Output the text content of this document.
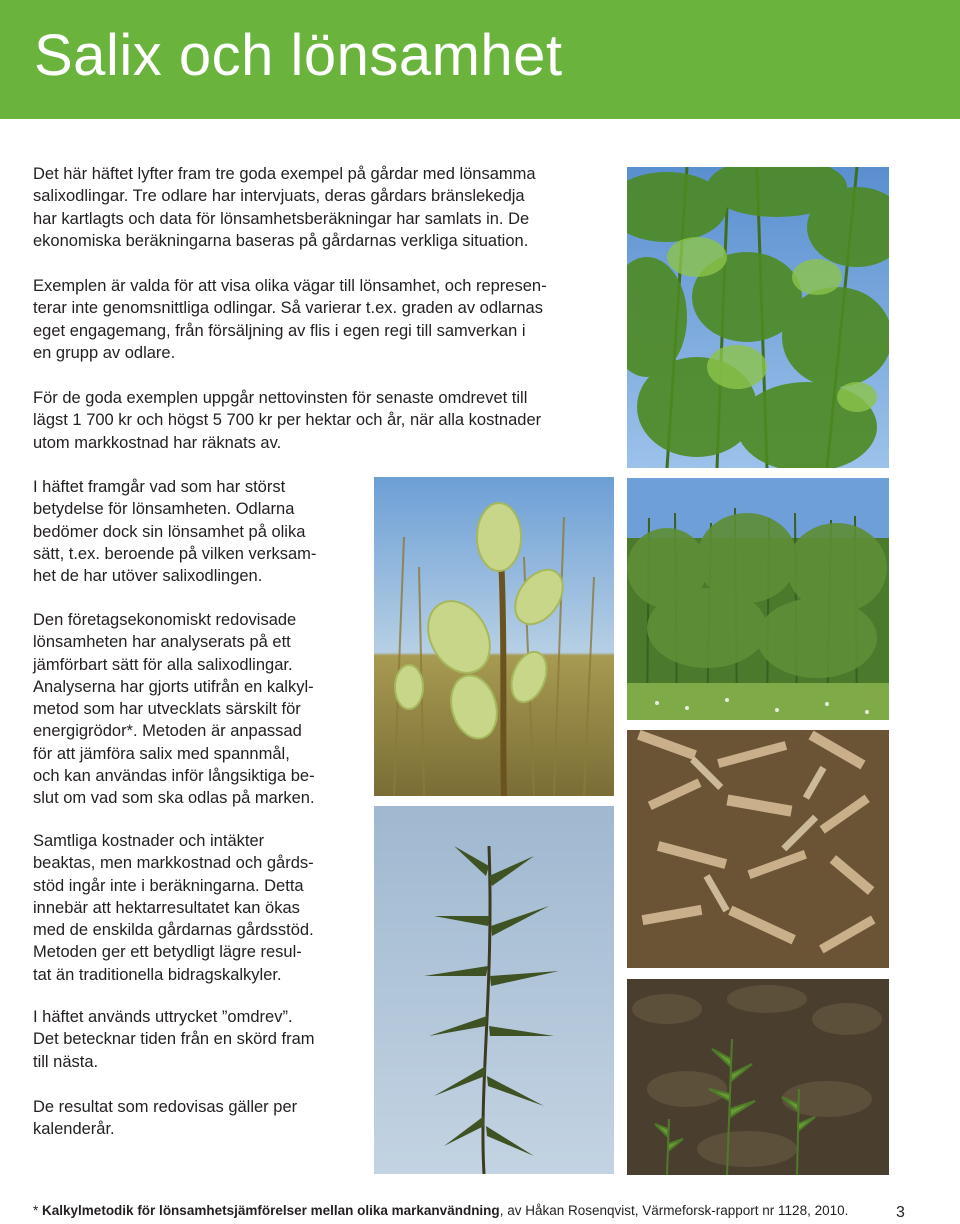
Salix och lönsamhet

Det här häftet lyfter fram tre goda exempel på gårdar med lönsamma
salixodlingar. Tre odlare har intervjuats, deras gårdars bränslekedja
har kartlagts och data för lönsamhetsberäkningar har samlats in. De
ekonomiska beräkningarna baseras på gårdarnas verkliga situation.

Exemplen är valda för att visa olika vägar till lönsamhet, och represen-
terar inte genomsnittliga odlingar. Så varierar t.ex. graden av odlarnas
eget engagemang, från försäljning av flis i egen regi till samverkan i
en grupp av odlare.

För de goda exemplen uppgår nettovinsten för senaste omdrevet till
lägst 1 700 kr och högst 5 700 kr per hektar och år, när alla kostnader
utom markkostnad har räknats av.

I häftet framgår vad som har störst
betydelse för lönsamheten. Odlarna
bedömer dock sin lönsamhet på olika
sätt, t.ex. beroende på vilken verksam-
het de har utöver salixodlingen.

Den företagsekonomiskt redovisade
lönsamheten har analyserats på ett
jämförbart sätt för alla salixodlingar.
Analyserna har gjorts utifrån en kalkyl-
metod som har utvecklats särskilt för
energigrödor*. Metoden är anpassad
för att jämföra salix med spannmål,
och kan användas inför långsiktiga be-
slut om vad som ska odlas på marken.

Samtliga kostnader och intäkter
beaktas, men markkostnad och gårds-
stöd ingår inte i beräkningarna. Detta
innebär att hektarresultatet kan ökas
med de enskilda gårdarnas gårdsstöd.
Metoden ger ett betydligt lägre resul-
tat än traditionella bidragskalkyler.

I häftet används uttrycket ”omdrev”.
Det betecknar tiden från en skörd fram
till nästa.

De resultat som redovisas gäller per
kalenderår.

* Kalkylmetodik för lönsamhetsjämförelser mellan olika markanvändning, av Håkan Rosenqvist, Värmeforsk-rapport nr 1128, 2010.	3
